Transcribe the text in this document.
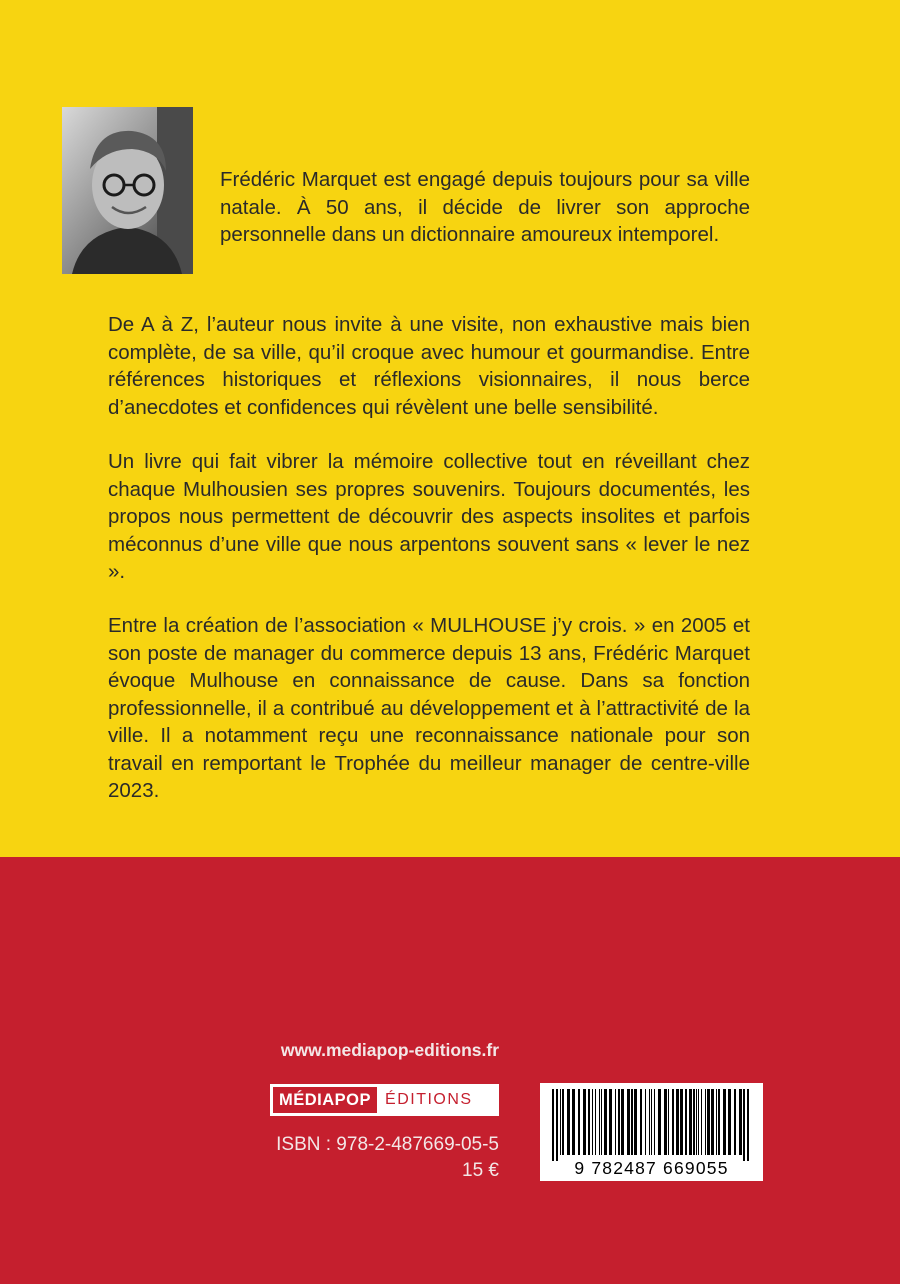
Frédéric Marquet est engagé depuis toujours pour sa ville natale. À 50 ans, il décide de livrer son approche personnelle dans un dictionnaire amoureux intemporel.

De A à Z, l’auteur nous invite à une visite, non exhaustive mais bien complète, de sa ville, qu’il croque avec humour et gourmandise. Entre références historiques et réflexions visionnaires, il nous berce d’anecdotes et confidences qui révèlent une belle sensibilité.

Un livre qui fait vibrer la mémoire collective tout en réveillant chez chaque Mulhousien ses propres souvenirs. Toujours documentés, les propos nous permettent de découvrir des aspects insolites et parfois méconnus d’une ville que nous arpentons souvent sans « lever le nez ».

Entre la création de l’association « MULHOUSE j’y crois. » en 2005 et son poste de manager du commerce depuis 13 ans, Frédéric Marquet évoque Mulhouse en connaissance de cause. Dans sa fonction professionnelle, il a contribué au développement et à l’attractivité de la ville. Il a notamment reçu une reconnaissance nationale pour son travail en remportant le Trophée du meilleur manager de centre-ville 2023.

www.mediapop-editions.fr
MÉDIAPOP ÉDITIONS
ISBN : 978-2-487669-05-5
15 €	9 782487 669055
